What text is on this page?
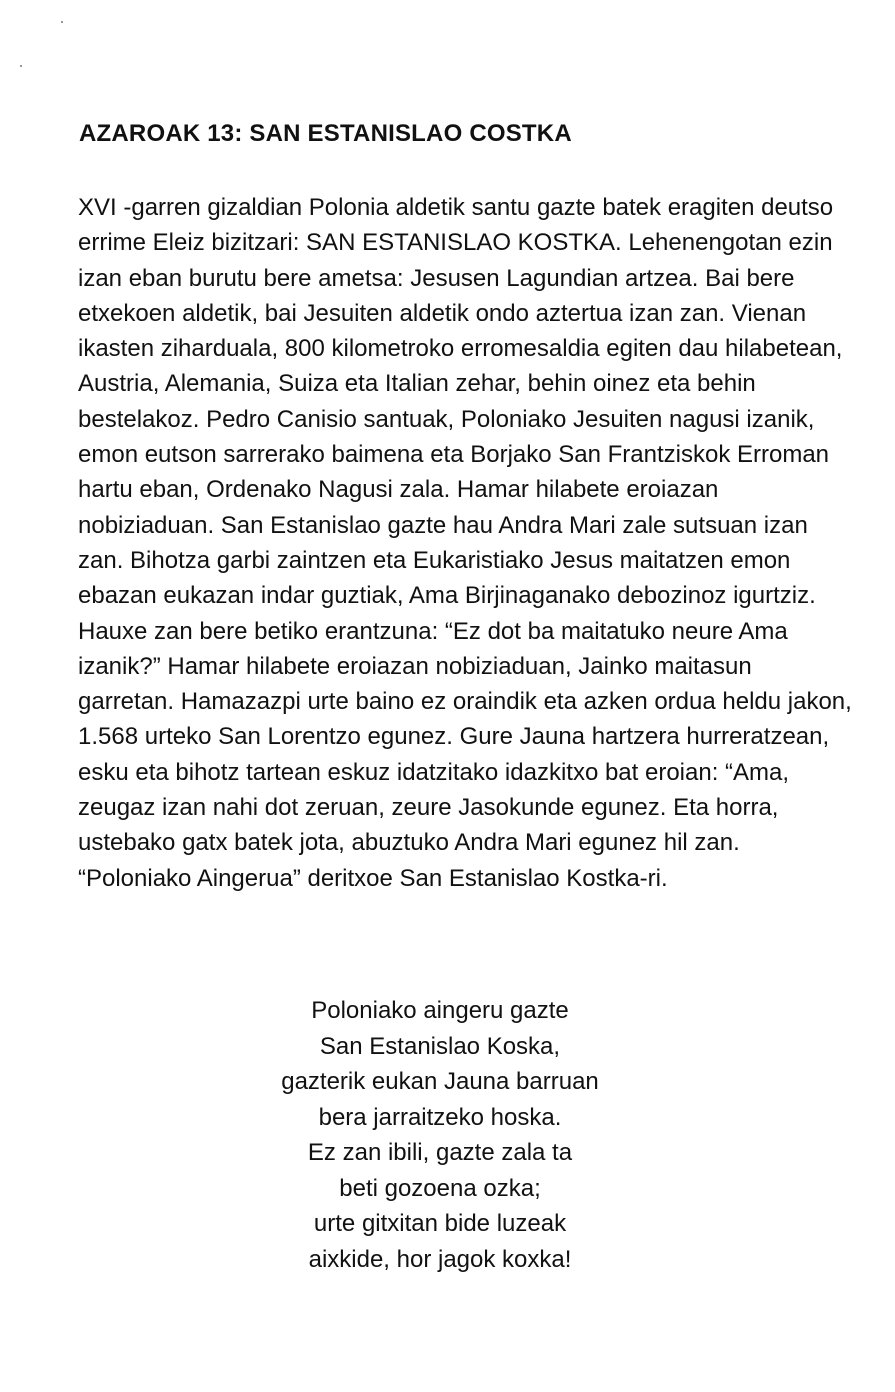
AZAROAK 13: SAN ESTANISLAO COSTKA
XVI -garren gizaldian Polonia aldetik santu gazte batek eragiten deutso
errime Eleiz bizitzari: SAN ESTANISLAO KOSTKA. Lehenengotan ezin
izan eban burutu bere ametsa: Jesusen Lagundian artzea. Bai bere
etxekoen aldetik, bai Jesuiten aldetik ondo aztertua izan zan. Vienan
ikasten ziharduala, 800 kilometroko erromesaldia egiten dau hilabetean,
Austria, Alemania, Suiza eta Italian zehar, behin oinez eta behin
bestelakoz. Pedro Canisio santuak, Poloniako Jesuiten nagusi izanik,
emon eutson sarrerako baimena eta Borjako San Frantziskok Erroman
hartu eban, Ordenako Nagusi zala. Hamar hilabete eroiazan
nobiziaduan. San Estanislao gazte hau Andra Mari zale sutsuan izan
zan. Bihotza garbi zaintzen eta Eukaristiako Jesus maitatzen emon
ebazan eukazan indar guztiak, Ama Birjinaganako debozinoz igurtziz.
Hauxe zan bere betiko erantzuna: “Ez dot ba maitatuko neure Ama
izanik?” Hamar hilabete eroiazan nobiziaduan, Jainko maitasun
garretan. Hamazazpi urte baino ez oraindik eta azken ordua heldu jakon,
1.568 urteko San Lorentzo egunez. Gure Jauna hartzera hurreratzean,
esku eta bihotz tartean eskuz idatzitako idazkitxo bat eroian: “Ama,
zeugaz izan nahi dot zeruan, zeure Jasokunde egunez. Eta horra,
ustebako gatx batek jota, abuztuko Andra Mari egunez hil zan.
“Poloniako Aingerua” deritxoe San Estanislao Kostka-ri.
Poloniako aingeru gazte
San Estanislao Koska,
gazterik eukan Jauna barruan
bera jarraitzeko hoska.
Ez zan ibili, gazte zala ta
beti gozoena ozka;
urte gitxitan bide luzeak
aixkide, hor jagok koxka!
